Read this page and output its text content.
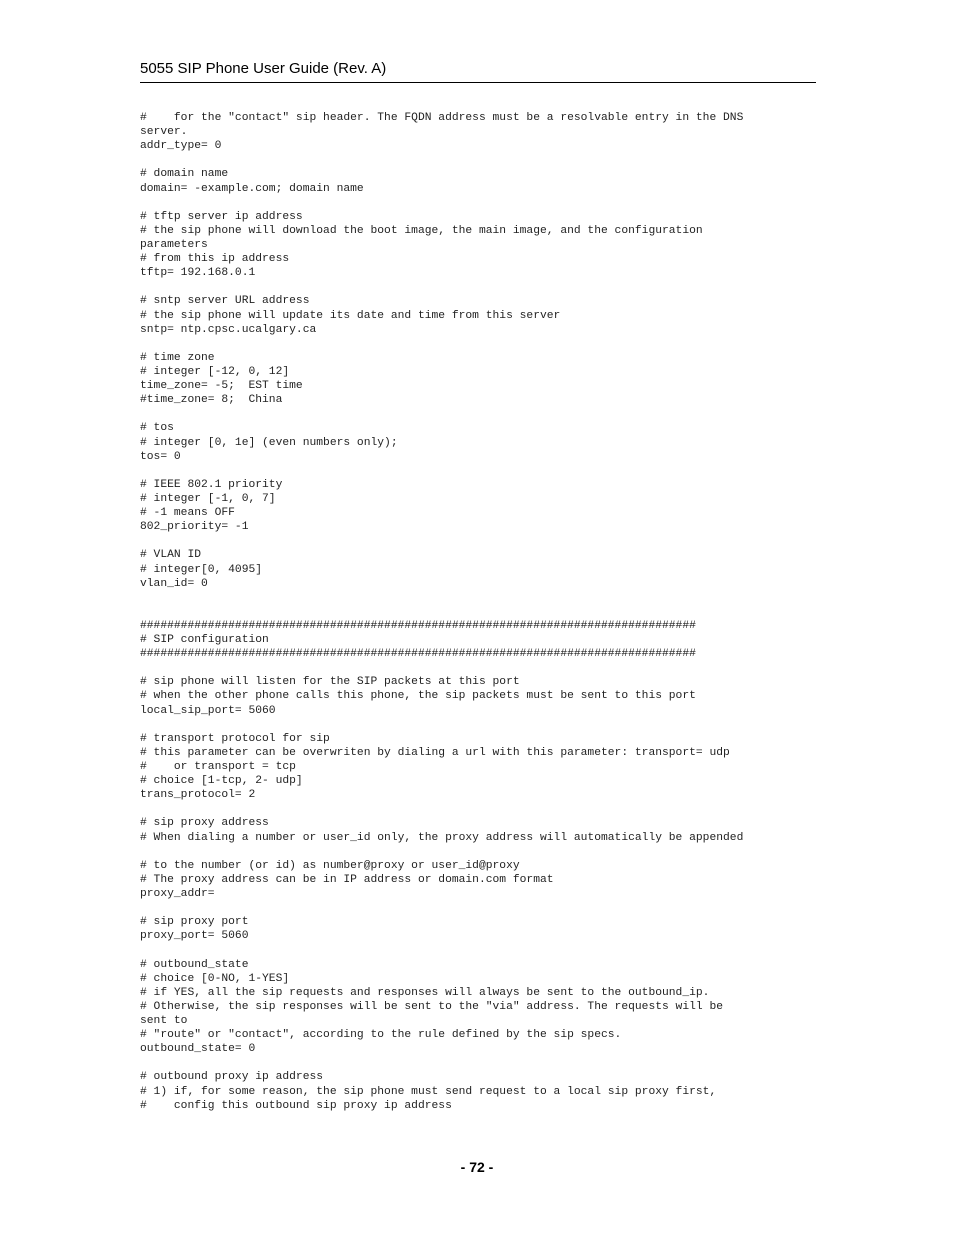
5055 SIP Phone User Guide (Rev. A)
#    for the "contact" sip header. The FQDN address must be a resolvable entry in the DNS
server.
addr_type= 0
# domain name
domain= -example.com; domain name
# tftp server ip address
# the sip phone will download the boot image, the main image, and the configuration
parameters
# from this ip address
tftp= 192.168.0.1
# sntp server URL address
# the sip phone will update its date and time from this server
sntp= ntp.cpsc.ucalgary.ca
# time zone
# integer [-12, 0, 12]
time_zone= -5;  EST time
#time_zone= 8;  China
# tos
# integer [0, 1e] (even numbers only);
tos= 0
# IEEE 802.1 priority
# integer [-1, 0, 7]
# -1 means OFF
802_priority= -1
# VLAN ID
# integer[0, 4095]
vlan_id= 0
##################################################################################
# SIP configuration
##################################################################################
# sip phone will listen for the SIP packets at this port
# when the other phone calls this phone, the sip packets must be sent to this port
local_sip_port= 5060
# transport protocol for sip
# this parameter can be overwriten by dialing a url with this parameter: transport= udp
#    or transport = tcp
# choice [1-tcp, 2- udp]
trans_protocol= 2
# sip proxy address
# When dialing a number or user_id only, the proxy address will automatically be appended
# to the number (or id) as number@proxy or user_id@proxy
# The proxy address can be in IP address or domain.com format
proxy_addr=
# sip proxy port
proxy_port= 5060
# outbound_state
# choice [0-NO, 1-YES]
# if YES, all the sip requests and responses will always be sent to the outbound_ip.
# Otherwise, the sip responses will be sent to the "via" address. The requests will be
sent to
# "route" or "contact", according to the rule defined by the sip specs.
outbound_state= 0
# outbound proxy ip address
# 1) if, for some reason, the sip phone must send request to a local sip proxy first,
#    config this outbound sip proxy ip address
- 72 -
